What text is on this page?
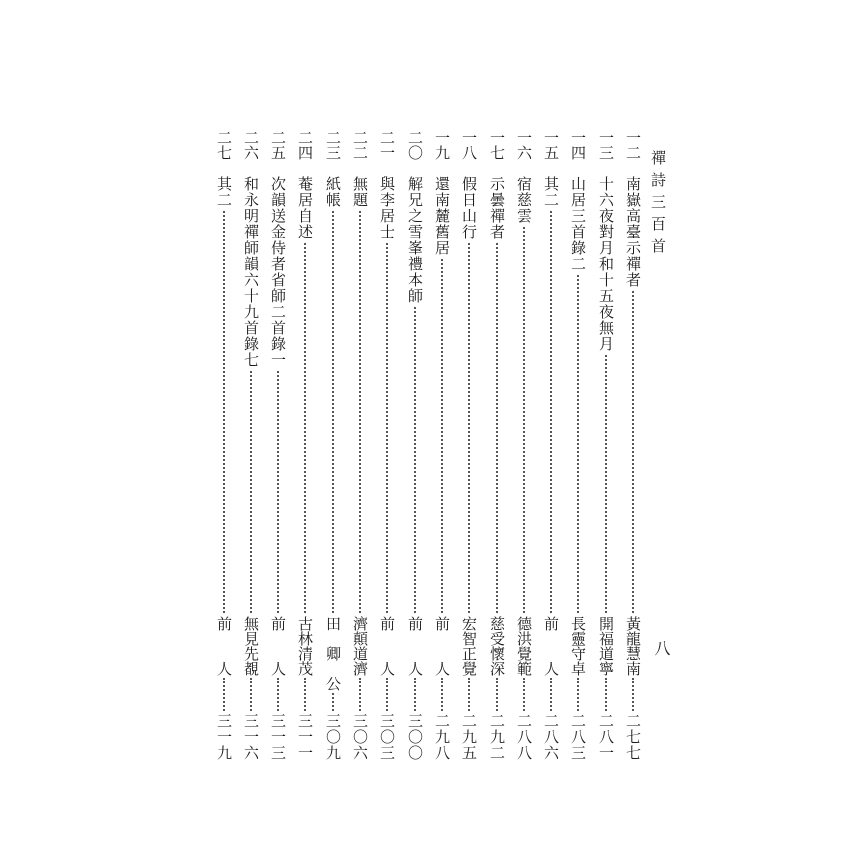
禪詩三百首
八
一二
南嶽高臺示禪者
黃龍慧南
二七七
一三
十六夜對月和十五夜無月
開福道寧
二八一
一四
山居三首錄二
長靈守卓
二八三
一五
其二
前　　人
二八六
一六
宿慈雲
德洪覺範
二八八
一七
示曇禪者
慈受懷深
二九二
一八
假日山行
宏智正覺
二九五
一九
還南麓舊居
前　　人
二九八
二〇
解兄之雪峯禮本師
前　　人
三〇〇
二一
與李居士
前　　人
三〇三
二二
無題
濟顛道濟
三〇六
二三
紙帳
田　卿　公
三〇九
二四
菴居自述
古林清茂
三一一
二五
次韻送金侍者省師二首錄一
前　　人
三一三
二六
和永明禪師韻六十九首錄七
無見先覩
三一六
二七
其二
前　　人
三一九
